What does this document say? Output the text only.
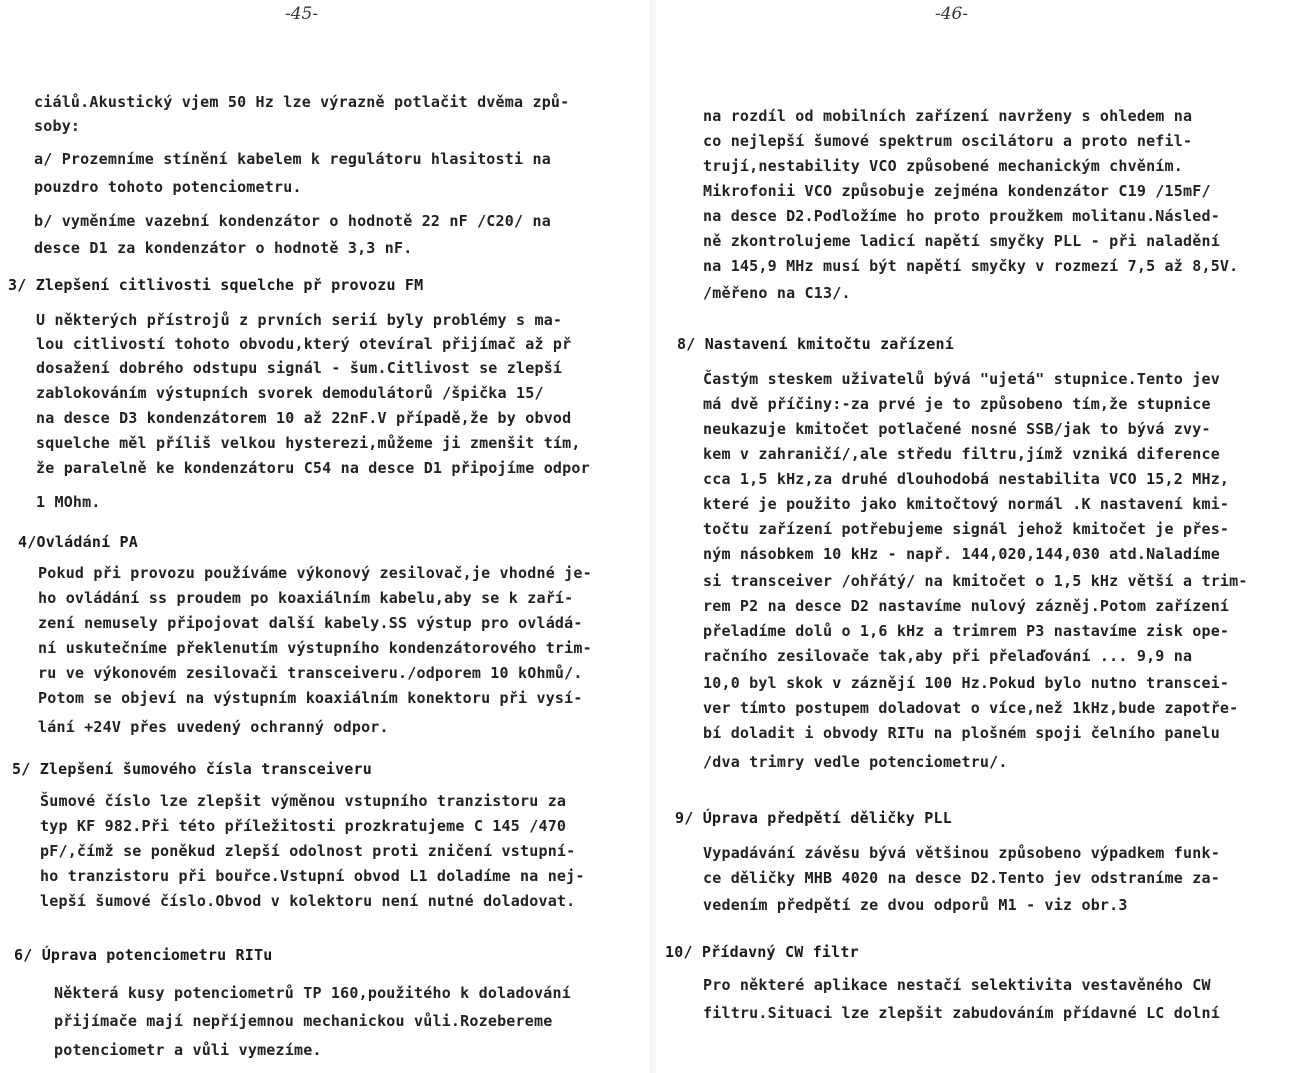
-45-
ciálů.Akustický vjem 50 Hz lze výrazně potlačit dvěma způ-
soby:
a/ Prozemníme stínění kabelem k regulátoru hlasitosti na
pouzdro tohoto potenciometru.
b/ vyměníme vazební kondenzátor o hodnotě 22 nF /C20/ na
desce D1 za kondenzátor o hodnotě 3,3 nF.
3/ Zlepšení citlivosti squelche př provozu FM
U některých přístrojů z prvních serií byly problémy s ma-
lou citlivostí tohoto obvodu,který otevíral přijímač až př
dosažení dobrého odstupu signál - šum.Citlivost se zlepší
zablokováním výstupních svorek demodulátorů /špička 15/
na desce D3 kondenzátorem 10 až 22nF.V případě,že by obvod
squelche měl příliš velkou hysterezi,můžeme ji zmenšit tím,
že paralelně ke kondenzátoru C54 na desce D1 připojíme odpor
1 MOhm.
4/Ovládání PA
Pokud při provozu používáme výkonový zesilovač,je vhodné je-
ho ovládání ss proudem po koaxiálním kabelu,aby se k zaří-
zení nemusely připojovat další kabely.SS výstup pro ovládá-
ní uskutečníme překlenutím výstupního kondenzátorového trim-
ru ve výkonovém zesilovači transceiveru./odporem 10 kOhmů/.
Potom se objeví na výstupním koaxiálním konektoru při vysí-
lání +24V přes uvedený ochranný odpor.
5/ Zlepšení šumového čísla transceiveru
Šumové číslo lze zlepšit výměnou vstupního tranzistoru za
typ KF 982.Při této příležitosti prozkratujeme C 145 /470
pF/,čímž se poněkud zlepší odolnost proti zničení vstupní-
ho tranzistoru při bouřce.Vstupní obvod L1 doladíme na nej-
lepší šumové číslo.Obvod v kolektoru není nutné doladovat.
6/ Úprava potenciometru RITu
Některá kusy potenciometrů TP 160,použitého k doladování
přijímače mají nepříjemnou mechanickou vůli.Rozebereme
potenciometr a vůli vymezíme.
-46-
na rozdíl od mobilních zařízení navrženy s ohledem na
co nejlepší šumové spektrum oscilátoru a proto nefil-
trují,nestability VCO způsobené mechanickým chvěním.
Mikrofonii VCO způsobuje zejména kondenzátor C19 /15mF/
na desce D2.Podložíme ho proto proužkem molitanu.Násled-
ně zkontrolujeme ladicí napětí smyčky PLL - při naladění
na 145,9 MHz musí být napětí smyčky v rozmezí 7,5 až 8,5V.
/měřeno na C13/.
8/ Nastavení kmitočtu zařízení
Častým steskem uživatelů bývá "ujetá" stupnice.Tento jev
má dvě příčiny:-za prvé je to způsobeno tím,že stupnice
neukazuje kmitočet potlačené nosné SSB/jak to bývá zvy-
kem v zahraničí/,ale středu filtru,jímž vzniká diference
cca 1,5 kHz,za druhé dlouhodobá nestabilita VCO 15,2 MHz,
které je použito jako kmitočtový normál .K nastavení kmi-
točtu zařízení potřebujeme signál jehož kmitočet je přes-
ným násobkem 10 kHz - např. 144,020,144,030 atd.Naladíme
si transceiver /ohřátý/ na kmitočet o 1,5 kHz větší a trim-
rem P2 na desce D2 nastavíme nulový zázněj.Potom zařízení
přeladíme dolů o 1,6 kHz a trimrem P3 nastavíme zisk ope-
račního zesilovače tak,aby při přelaďování ... 9,9 na
10,0 byl skok v záznějí 100 Hz.Pokud bylo nutno transcei-
ver tímto postupem doladovat o více,než 1kHz,bude zapotře-
bí doladit i obvody RITu na plošném spoji čelního panelu
/dva trimry vedle potenciometru/.
9/ Úprava předpětí děličky PLL
Vypadávání závěsu bývá většinou způsobeno výpadkem funk-
ce děličky MHB 4020 na desce D2.Tento jev odstraníme za-
vedením předpětí ze dvou odporů M1 - viz obr.3
10/ Přídavný CW filtr
Pro některé aplikace nestačí selektivita vestavěného CW
filtru.Situaci lze zlepšit zabudováním přídavné LC dolní
